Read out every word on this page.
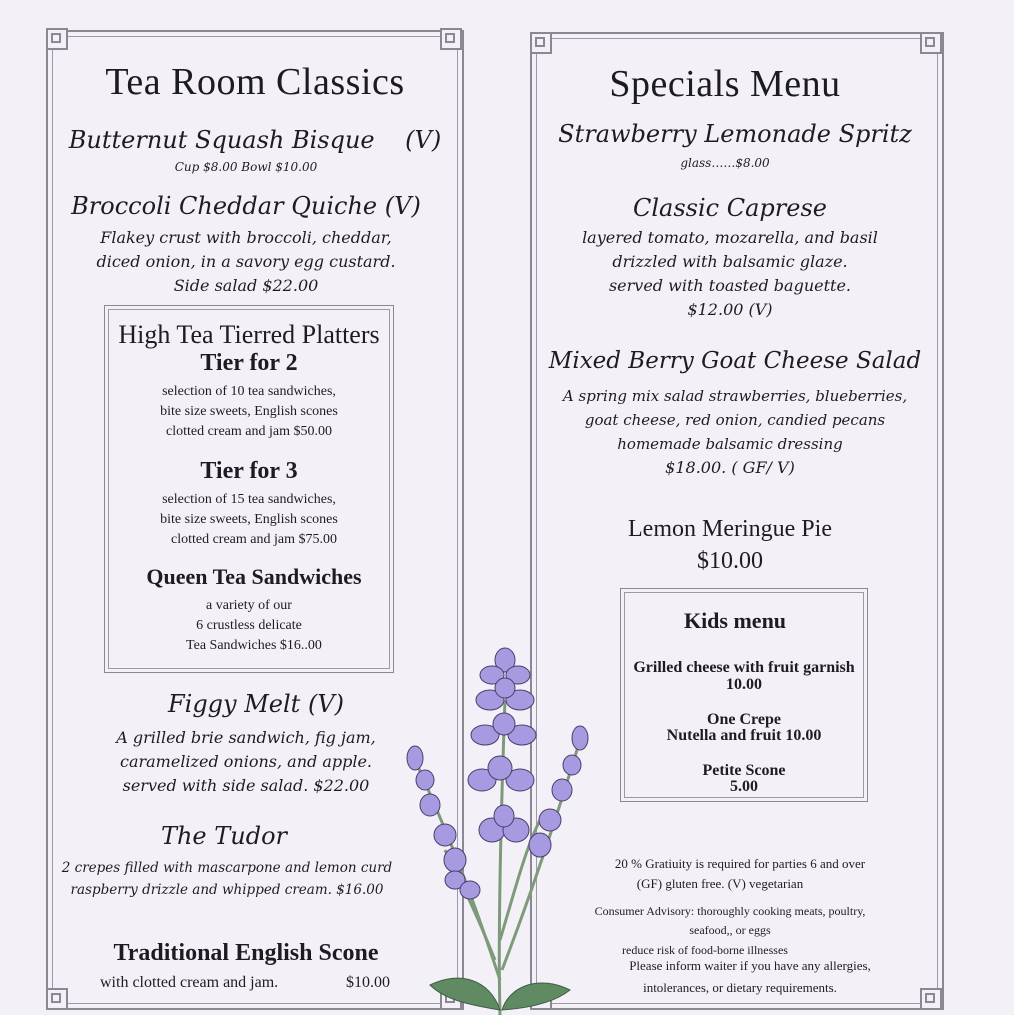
Tea Room Classics
Butternut Squash Bisque (V)
Cup $8.00 Bowl $10.00
Broccoli Cheddar Quiche (V)
Flakey crust with broccoli, cheddar,
diced onion, in a savory egg custard.
Side salad $22.00
High Tea Tierred Platters
Tier for 2
selection of 10 tea sandwiches,
bite size sweets, English scones
clotted cream and jam $50.00
Tier for 3
selection of 15 tea sandwiches,
bite size sweets, English scones
clotted cream and jam $75.00
Queen Tea Sandwiches
a variety of our
6 crustless delicate
Tea Sandwiches $16..00
Figgy Melt (V)
A grilled brie sandwich, fig jam,
caramelized onions, and apple.
served with side salad. $22.00
The Tudor
2 crepes filled with mascarpone and lemon curd
raspberry drizzle and whipped cream. $16.00
Traditional English Scone
with clotted cream and jam.	$10.00
Specials Menu
Strawberry Lemonade Spritz
glass……$8.00
Classic Caprese
layered tomato, mozarella, and basil
drizzled with balsamic glaze.
served with toasted baguette.
$12.00 (V)
Mixed Berry Goat Cheese Salad
A spring mix salad strawberries, blueberries,
goat cheese, red onion, candied pecans
homemade balsamic dressing
$18.00. ( GF/ V)
Lemon Meringue Pie
$10.00
Kids menu
Grilled cheese with fruit garnish
10.00
One Crepe
Nutella and fruit 10.00
Petite Scone
5.00
20 % Gratiuity is required for parties 6 and over
(GF) gluten free. (V) vegetarian
Consumer Advisory: thoroughly cooking meats, poultry,
seafood,, or eggs
reduce risk of food-borne illnesses
Please inform waiter if you have any allergies,
intolerances, or dietary requirements.
